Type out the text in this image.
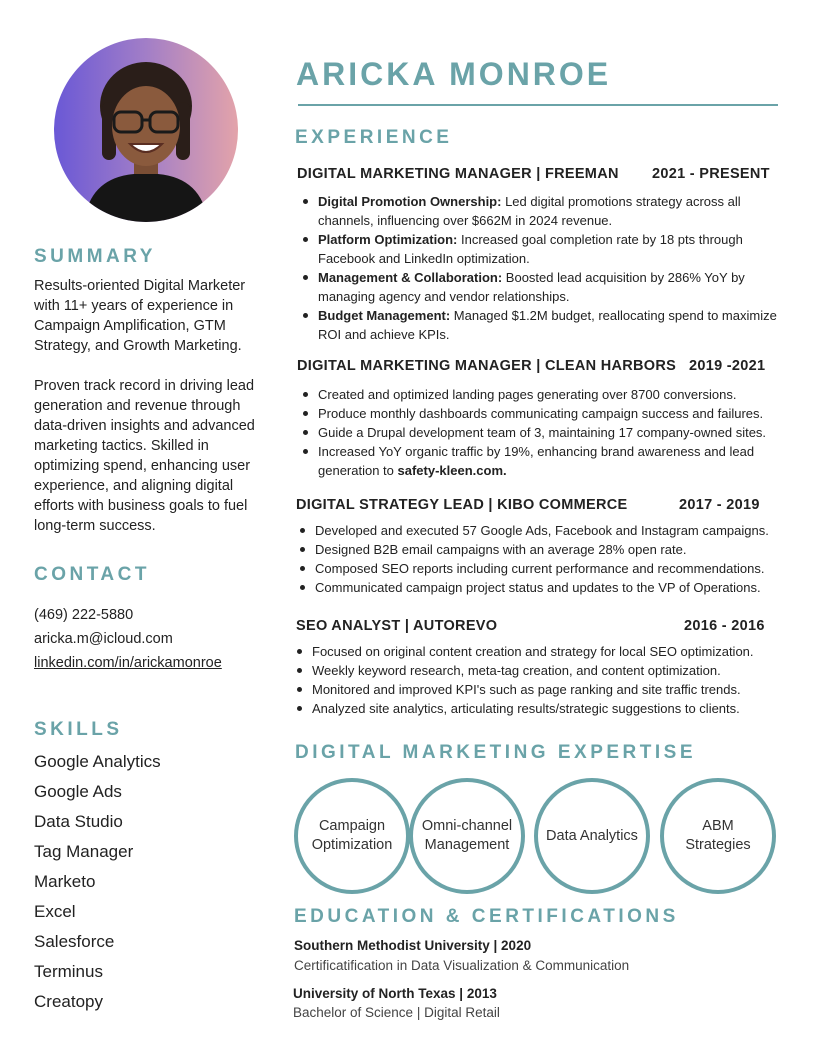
SUMMARY

Results-oriented Digital Marketer with 11+ years of experience in Campaign Amplification, GTM Strategy, and Growth Marketing.

Proven track record in driving lead generation and revenue through data-driven insights and advanced marketing tactics. Skilled in optimizing spend, enhancing user experience, and aligning digital efforts with business goals to fuel long-term success.

CONTACT
(469) 222-5880
aricka.m@icloud.com
linkedin.com/in/arickamonroe
SKILLS
Google Analytics
Google Ads
Data Studio
Tag Manager
Marketo
Excel
Salesforce
Terminus
Creatopy
ARICKA MONROE
EXPERIENCE
DIGITAL MARKETING MANAGER | FREEMAN 2021 - PRESENT
Digital Promotion Ownership: Led digital promotions strategy across all channels, influencing over $662M in 2024 revenue.
Platform Optimization: Increased goal completion rate by 18 pts through Facebook and LinkedIn optimization.
Management & Collaboration: Boosted lead acquisition by 286% YoY by managing agency and vendor relationships.
Budget Management: Managed $1.2M budget, reallocating spend to maximize ROI and achieve KPIs.
DIGITAL MARKETING MANAGER | CLEAN HARBORS 2019 -2021
Created and optimized landing pages generating over 8700 conversions.
Produce monthly dashboards communicating campaign success and failures.
Guide a Drupal development team of 3, maintaining 17 company-owned sites.
Increased YoY organic traffic by 19%, enhancing brand awareness and lead generation to safety-kleen.com.
DIGITAL STRATEGY LEAD | KIBO COMMERCE	2017 - 2019
Developed and executed 57 Google Ads, Facebook and Instagram campaigns.
Designed B2B email campaigns with an average 28% open rate.
Composed SEO reports including current performance and recommendations.
Communicated campaign project status and updates to the VP of Operations.
SEO ANALYST | AUTOREVO	2016 - 2016
Focused on original content creation and strategy for local SEO optimization.
Weekly keyword research, meta-tag creation, and content optimization.
Monitored and improved KPI's such as page ranking and site traffic trends.
Analyzed site analytics, articulating results/strategic suggestions to clients.
DIGITAL MARKETING EXPERTISE
Campaign Optimization
Omni-channel Management
Data Analytics
ABM Strategies
EDUCATION & CERTIFICATIONS
Southern Methodist University | 2020
Certificatification in Data Visualization & Communication
University of North Texas | 2013
Bachelor of Science | Digital Retail
